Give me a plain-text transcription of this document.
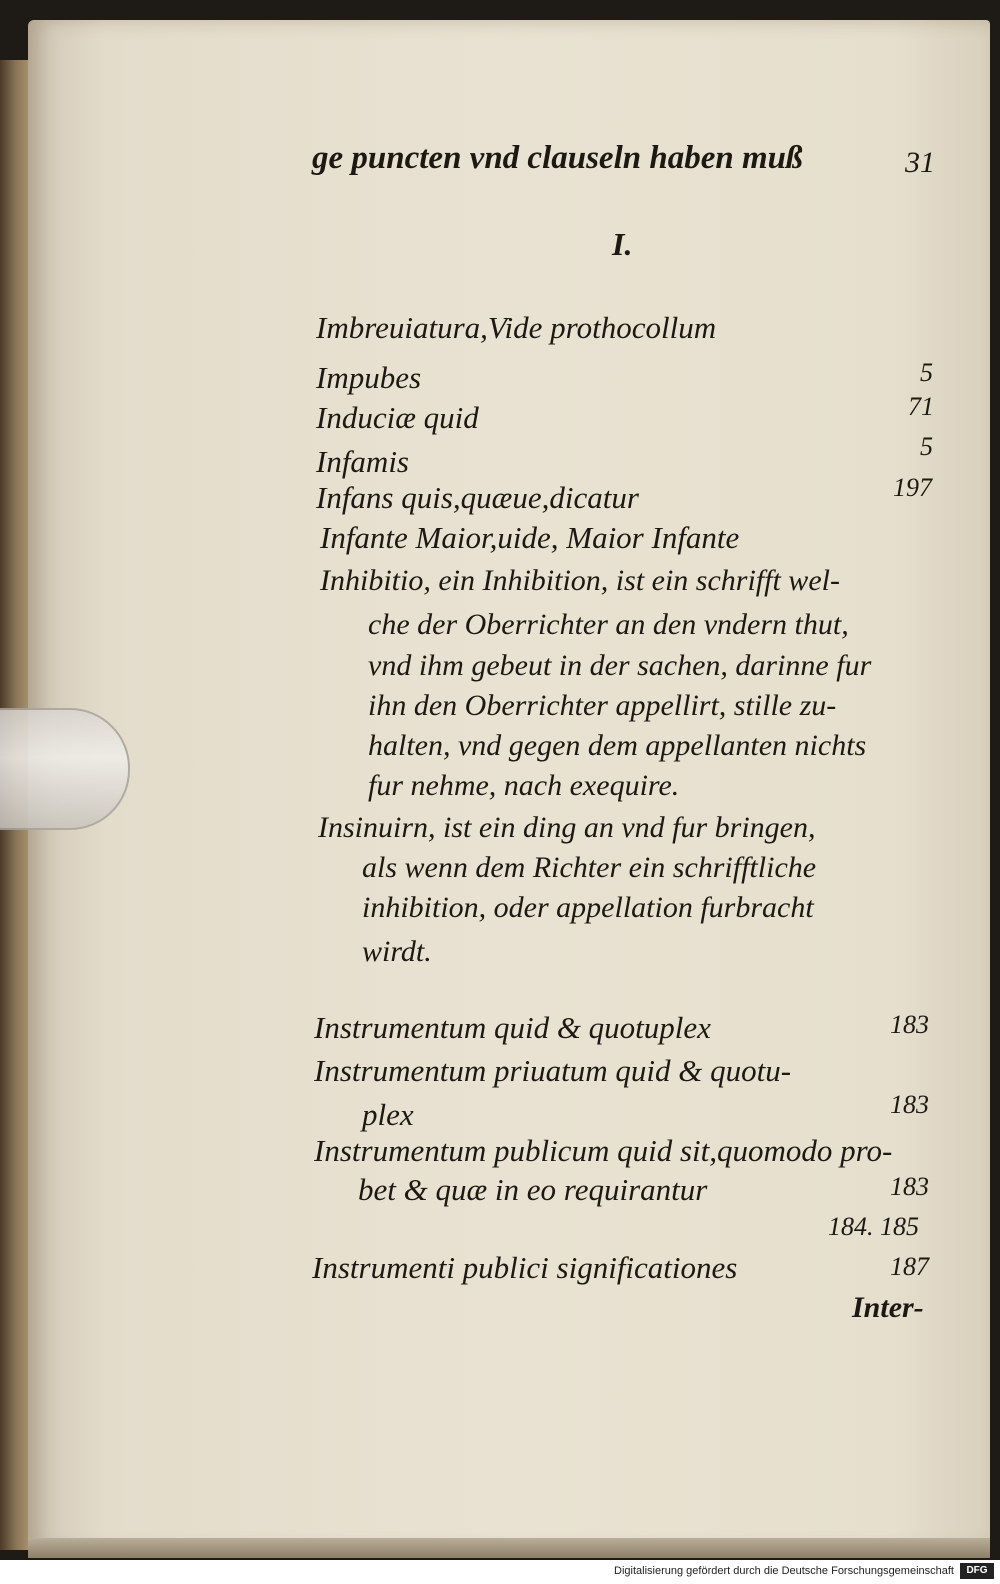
ge puncten vnd clauseln haben muß	31
I.
Imbreuiatura,Vide prothocollum
Impubes	5
Induciæ quid	71
Infamis	5
Infans quis,quæue,dicatur	197
Infante Maior,uide, Maior Infante
Inhibitio, ein Inhibition, ist ein schrifft wel-
che der Oberrichter an den vndern thut,
vnd ihm gebeut in der sachen, darinne fur
ihn den Oberrichter appellirt, stille zu-
halten, vnd gegen dem appellanten nichts
fur nehme, nach exequire.
Insinuirn, ist ein ding an vnd fur bringen,
als wenn dem Richter ein schrifftliche
inhibition, oder appellation furbracht
wirdt.
Instrumentum quid & quotuplex	183
Instrumentum priuatum quid & quotu-
plex	183
Instrumentum publicum quid sit,quomodo pro-
bet & quæ in eo requirantur	183
184. 185
Instrumenti publici significationes	187
Inter-
Digitalisierung gefördert durch die Deutsche Forschungsgemeinschaft	DFG
